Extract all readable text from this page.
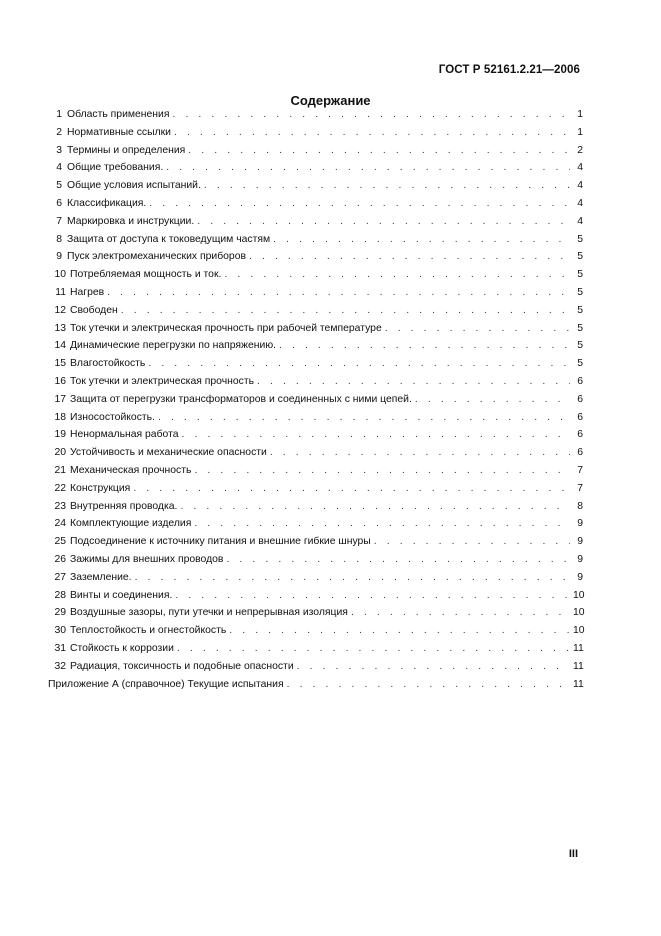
ГОСТ Р 52161.2.21—2006
Содержание
1 Область применения . . .	1
2 Нормативные ссылки . . .	1
3 Термины и определения . . .	2
4 Общие требования. . . .	4
5 Общие условия испытаний. . . .	4
6 Классификация. . . .	4
7 Маркировка и инструкции. . . .	4
8 Защита от доступа к токоведущим частям . . .	5
9 Пуск электромеханических приборов . . .	5
10 Потребляемая мощность и ток. . . .	5
11 Нагрев . . .	5
12 Свободен . . .	5
13 Ток утечки и электрическая прочность при рабочей температуре . . .	5
14 Динамические перегрузки по напряжению. . . .	5
15 Влагостойкость . . .	5
16 Ток утечки и электрическая прочность . . .	6
17 Защита от перегрузки трансформаторов и соединенных с ними цепей. . . .	6
18 Износостойкость. . . .	6
19 Ненормальная работа . . .	6
20 Устойчивость и механические опасности . . .	6
21 Механическая прочность . . .	7
22 Конструкция . . .	7
23 Внутренняя проводка. . . .	8
24 Комплектующие изделия . . .	9
25 Подсоединение к источнику питания и внешние гибкие шнуры . . .	9
26 Зажимы для внешних проводов . . .	9
27 Заземление. . . .	9
28 Винты и соединения. . . .	10
29 Воздушные зазоры, пути утечки и непрерывная изоляция . . .	10
30 Теплостойкость и огнестойкость . . .	10
31 Стойкость к коррозии . . .	11
32 Радиация, токсичность и подобные опасности . . .	11
Приложение А (справочное) Текущие испытания . . .	11
III
